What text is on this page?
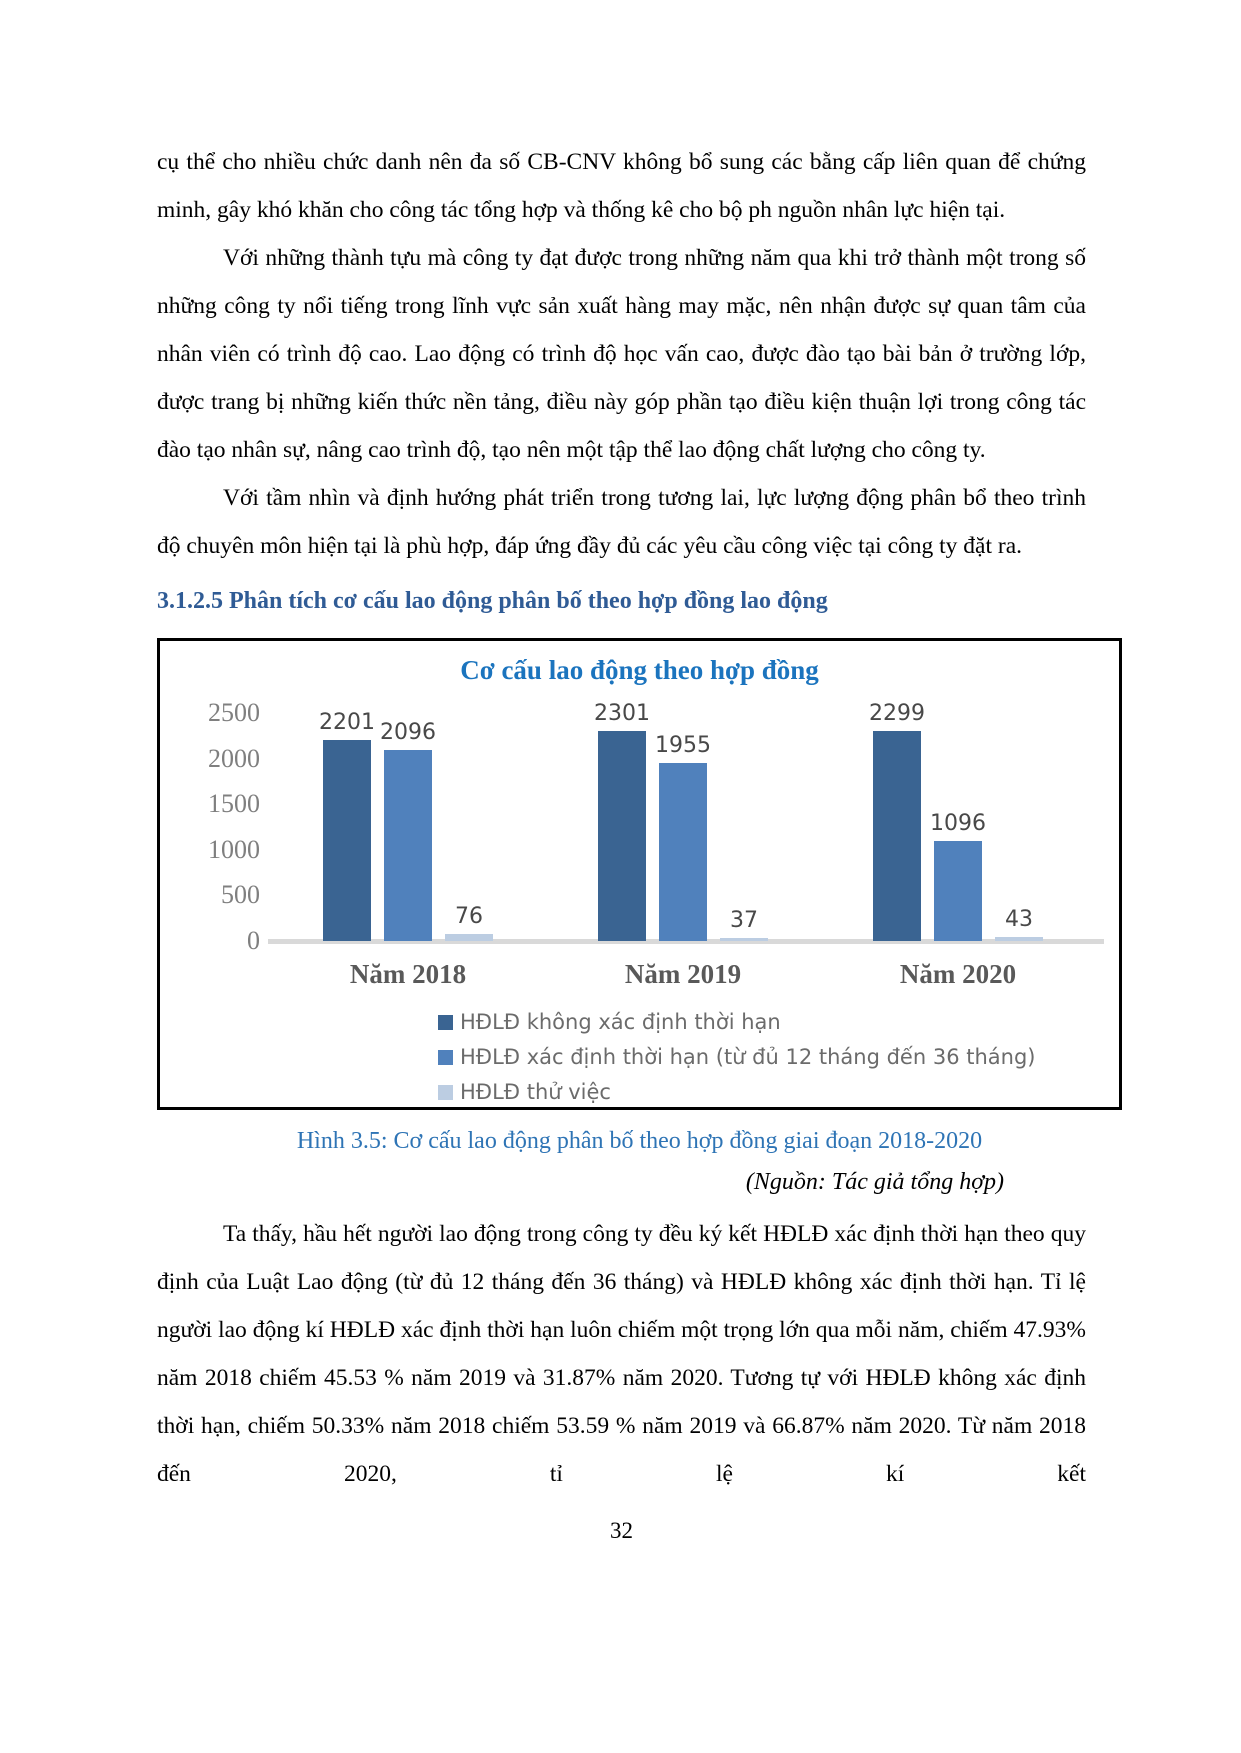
cụ thể cho nhiều chức danh nên đa số CB-CNV không bổ sung các bằng cấp liên quan để chứng minh, gây khó khăn cho công tác tổng hợp và thống kê cho bộ ph nguồn nhân lực hiện tại.

Với những thành tựu mà công ty đạt được trong những năm qua khi trở thành một trong số những công ty nổi tiếng trong lĩnh vực sản xuất hàng may mặc, nên nhận được sự quan tâm của nhân viên có trình độ cao. Lao động có trình độ học vấn cao, được đào tạo bài bản ở trường lớp, được trang bị những kiến thức nền tảng, điều này góp phần tạo điều kiện thuận lợi trong công tác đào tạo nhân sự, nâng cao trình độ, tạo nên một tập thể lao động chất lượng cho công ty.

Với tầm nhìn và định hướng phát triển trong tương lai, lực lượng động phân bổ theo trình độ chuyên môn hiện tại là phù hợp, đáp ứng đầy đủ các yêu cầu công việc tại công ty đặt ra.

3.1.2.5 Phân tích cơ cấu lao động phân bố theo hợp đồng lao động
Cơ cấu lao động theo hợp đồng
0
500
1000
1500
2000
2500	2201 2096
76
Năm 2018
2301
1955
37
Năm 2019
2299
1096
43
Năm 2020
HĐLĐ không xác định thời hạn
HĐLĐ xác định thời hạn (từ đủ 12 tháng đến 36 tháng)
HĐLĐ thử việc
Hình 3.5: Cơ cấu lao động phân bố theo hợp đồng giai đoạn 2018-2020
(Nguồn: Tác giả tổng hợp)

Ta thấy, hầu hết người lao động trong công ty đều ký kết HĐLĐ xác định thời hạn theo quy định của Luật Lao động (từ đủ 12 tháng đến 36 tháng) và HĐLĐ không xác định thời hạn. Tỉ lệ người lao động kí HĐLĐ xác định thời hạn luôn chiếm một trọng lớn qua mỗi năm, chiếm 47.93% năm 2018 chiếm 45.53 % năm 2019 và 31.87% năm 2020. Tương tự với HĐLĐ không xác định thời hạn, chiếm 50.33% năm 2018 chiếm 53.59 % năm 2019 và 66.87% năm 2020. Từ năm 2018 đến 2020, tỉ lệ kí kết

32
